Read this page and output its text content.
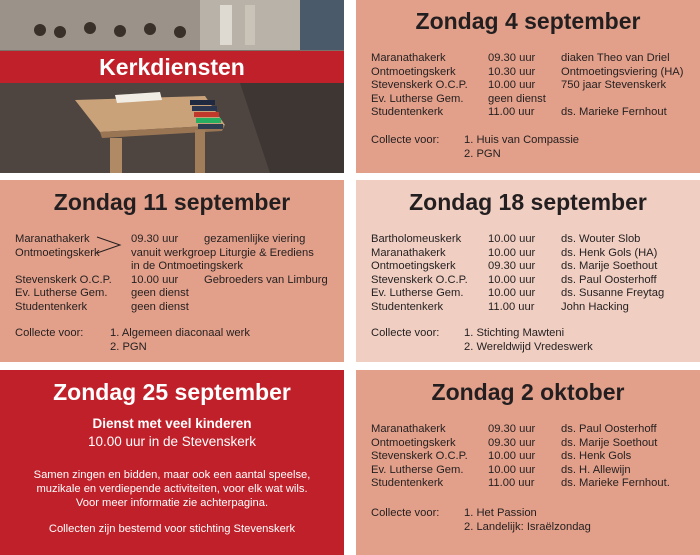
Kerkdiensten
Zondag 4 september
Maranathakerk	09.30 uur diaken Theo van Driel
Ontmoetingskerk	10.30 uur Ontmoetingsviering (HA)
Stevenskerk O.C.P. 10.00 uur 750 jaar Stevenskerk
Ev. Lutherse Gem. geen dienst
Studentenkerk	11.00 uur ds. Marieke Fernhout
Collecte voor: 1. Huis van Compassie
2. PGN
Zondag 11 september
Maranathakerk	09.30 uur gezamenlijke viering
Ontmoetingskerk	vanuit werkgroep Liturgie & Erediens
in de Ontmoetingskerk
Stevenskerk O.C.P. 10.00 uur Gebroeders van Limburg
Ev. Lutherse Gem. geen dienst
Studentenkerk	geen dienst
Collecte voor: 1. Algemeen diaconaal werk
2. PGN
Zondag 18 september
Bartholomeuskerk 10.00 uur ds. Wouter Slob
Maranathakerk	10.00 uur ds. Henk Gols (HA)
Ontmoetingskerk	09.30 uur ds. Marije Soethout
Stevenskerk O.C.P. 10.00 uur ds. Paul Oosterhoff
Ev. Lutherse Gem. 10.00 uur ds. Susanne Freytag
Studentenkerk	11.00 uur John Hacking
Collecte voor: 1. Stichting Mawteni
2. Wereldwijd Vredeswerk
Zondag 25 september
Dienst met veel kinderen
10.00 uur in de Stevenskerk
Samen zingen en bidden, maar ook een aantal speelse,
muzikale en verdiepende activiteiten, voor elk wat wils.
Voor meer informatie zie achterpagina.
Collecten zijn bestemd voor stichting Stevenskerk
Zondag 2 oktober
Maranathakerk	09.30 uur ds. Paul Oosterhoff
Ontmoetingskerk	09.30 uur ds. Marije Soethout
Stevenskerk O.C.P. 10.00 uur ds. Henk Gols
Ev. Lutherse Gem. 10.00 uur ds. H. Allewijn
Studentenkerk	11.00 uur ds. Marieke Fernhout.
Collecte voor: 1. Het Passion
2. Landelijk: Israëlzondag
